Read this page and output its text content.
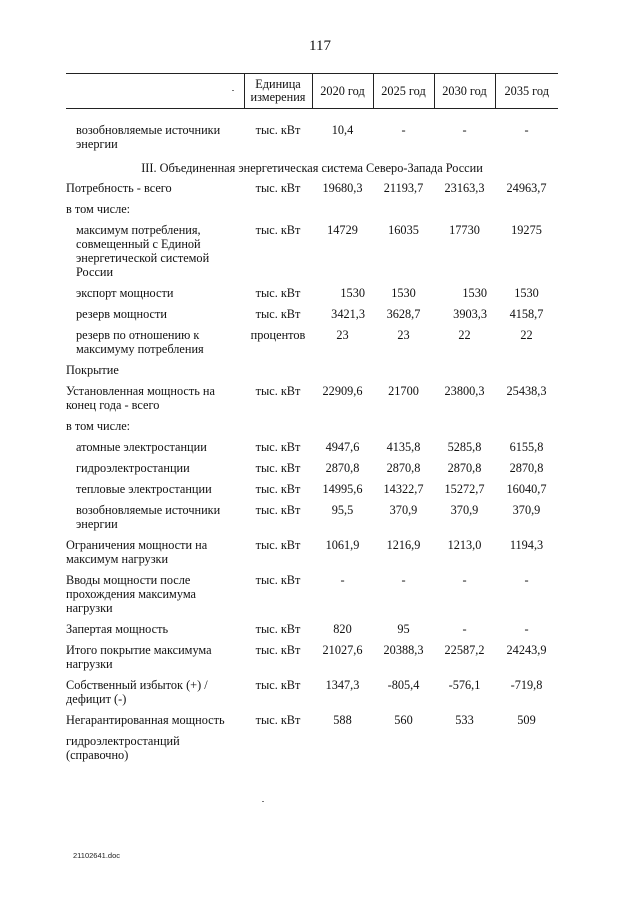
117
	Единица измерения	2020 год	2025 год	2030 год	2035 год

возобновляемые источники энергии	тыс. кВт	10,4	-	-	-
III. Объединенная энергетическая система Северо-Запада России					
Потребность - всего	тыс. кВт	19680,3	21193,7	23163,3	24963,7
в том числе:					
максимум потребления, совмещенный с Единой энергетической системой России	тыс. кВт	14729	16035	17730	19275
экспорт мощности	тыс. кВт	1530	1530	1530	1530
резерв мощности	тыс. кВт	3421,3	3628,7	3903,3	4158,7
резерв по отношению к максимуму потребления	процентов	23	23	22	22
Покрытие					
Установленная мощность на конец года - всего	тыс. кВт	22909,6	21700	23800,3	25438,3
в том числе:					
атомные электростанции	тыс. кВт	4947,6	4135,8	5285,8	6155,8
гидроэлектростанции	тыс. кВт	2870,8	2870,8	2870,8	2870,8
тепловые электростанции	тыс. кВт	14995,6	14322,7	15272,7	16040,7
возобновляемые источники энергии	тыс. кВт	95,5	370,9	370,9	370,9
Ограничения мощности на максимум нагрузки	тыс. кВт	1061,9	1216,9	1213,0	1194,3
Вводы мощности после прохождения максимума нагрузки	тыс. кВт	-	-	-	-
Запертая мощность	тыс. кВт	820	95	-	-
Итого покрытие максимума нагрузки	тыс. кВт	21027,6	20388,3	22587,2	24243,9
Собственный избыток (+) / дефицит (-)	тыс. кВт	1347,3	-805,4	-576,1	-719,8
Негарантированная мощность	тыс. кВт	588	560	533	509
гидроэлектростанций (справочно)					
21102641.doc
